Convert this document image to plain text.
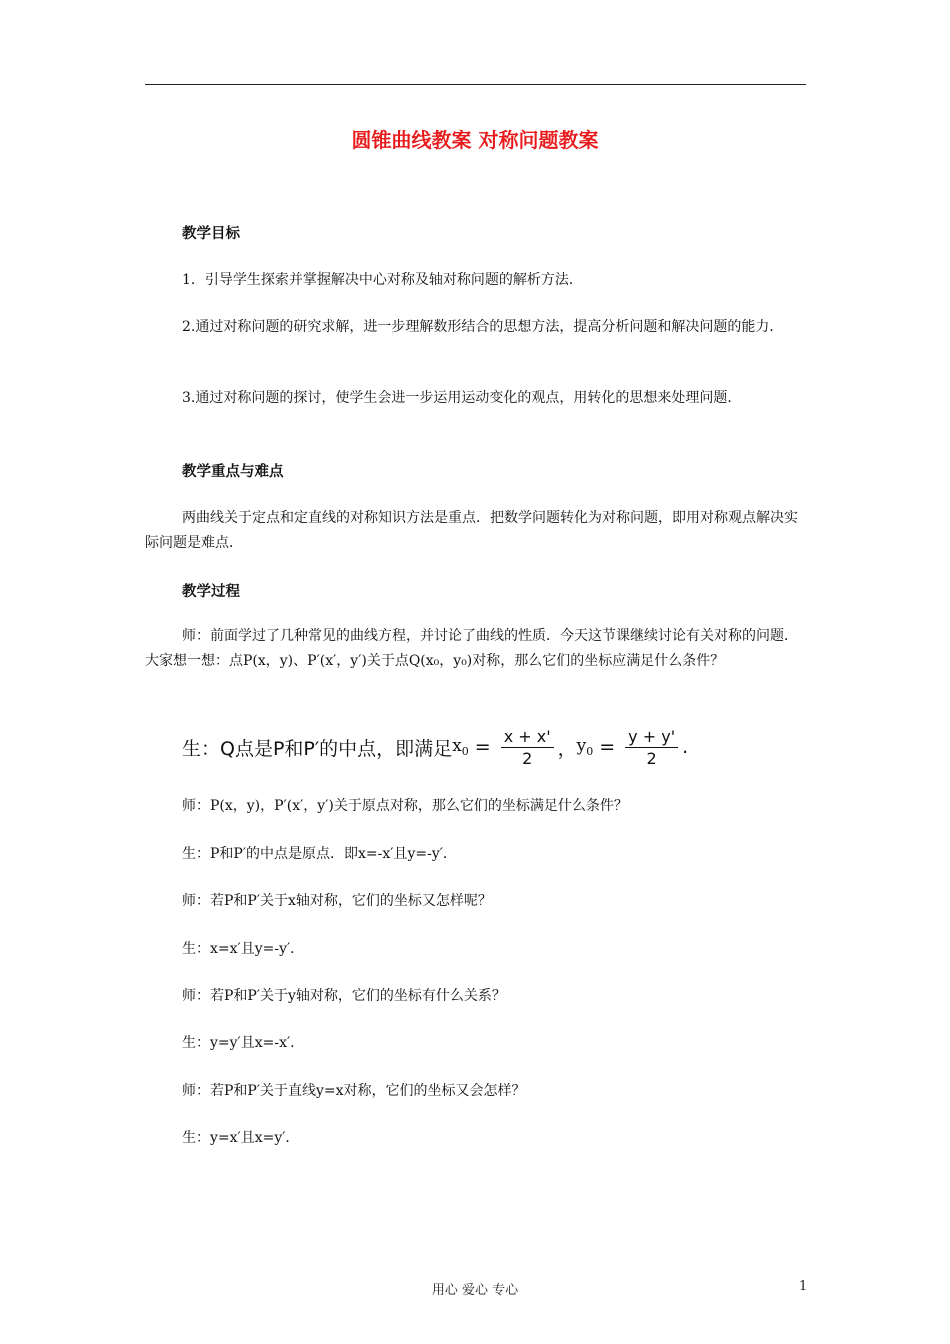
圆锥曲线教案 对称问题教案
教学目标
1．引导学生探索并掌握解决中心对称及轴对称问题的解析方法．
2.通过对称问题的研究求解，进一步理解数形结合的思想方法，提高分析问题和解决问题的能力．
3.通过对称问题的探讨，使学生会进一步运用运动变化的观点，用转化的思想来处理问题．
教学重点与难点
两曲线关于定点和定直线的对称知识方法是重点．把数学问题转化为对称问题，即用对称观点解决实际问题是难点．
教学过程
师：前面学过了几种常见的曲线方程，并讨论了曲线的性质．今天这节课继续讨论有关对称的问题．大家想一想：点P(x，y)、P′(x′，y′)关于点Q(x₀，y₀)对称，那么它们的坐标应满足什么条件？
生：Q点是P和P′的中点，即满足 $x_0 = \frac{x + x'}{2}$ ， $y_0 = \frac{y + y'}{2}$ .
师：P(x，y)，P′(x′，y′)关于原点对称，那么它们的坐标满足什么条件？
生：P和P′的中点是原点．即x=-x′且y=-y′．
师：若P和P′关于x轴对称，它们的坐标又怎样呢？
生：x=x′且y=-y′．
师：若P和P′关于y轴对称，它们的坐标有什么关系？
生：y=y′且x=-x′．
师：若P和P′关于直线y=x对称，它们的坐标又会怎样？
生：y=x′且x=y′．
用心 爱心 专心	1
